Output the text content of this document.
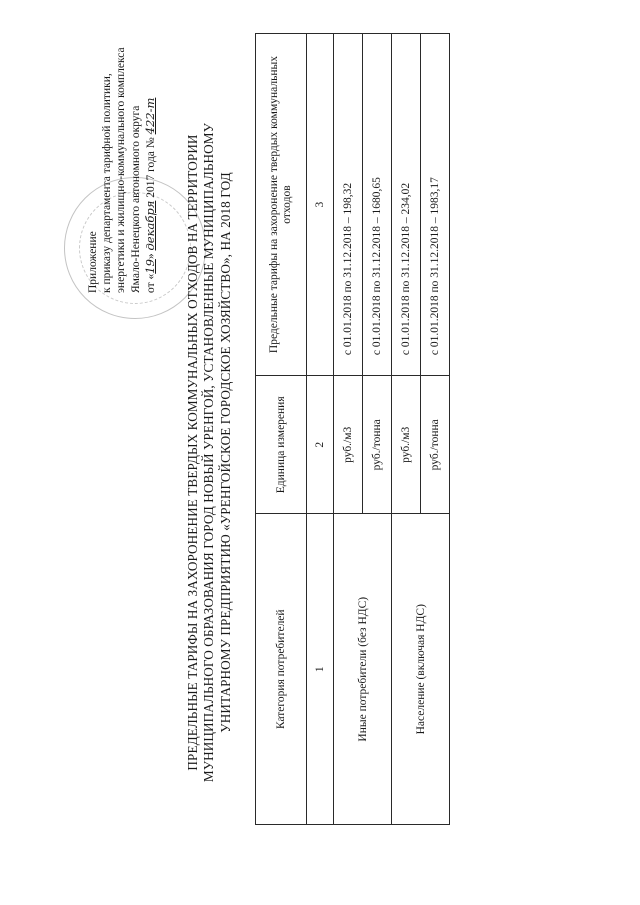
Приложение к приказу департамента тарифной политики, энергетики и жилищно-коммунального комплекса Ямало-Ненецкого автономного округа от «19» декабря 2017 года № 422-т
ПРЕДЕЛЬНЫЕ ТАРИФЫ НА ЗАХОРОНЕНИЕ ТВЕРДЫХ КОММУНАЛЬНЫХ ОТХОДОВ НА ТЕРРИТОРИИ МУНИЦИПАЛЬНОГО ОБРАЗОВАНИЯ ГОРОД НОВЫЙ УРЕНГОЙ, УСТАНОВЛЕННЫЕ МУНИЦИПАЛЬНОМУ УНИТАРНОМУ ПРЕДПРИЯТИЮ «УРЕНГОЙСКОЕ ГОРОДСКОЕ ХОЗЯЙСТВО», НА 2018 ГОД	Категория потребителей	Единица измерения	Предельные тарифы на захоронение твердых коммунальных отходов
1	2	3
Иные потребители (без НДС)	руб./м3	с 01.01.2018 по 31.12.2018 – 198,32
	руб./тонна	с 01.01.2018 по 31.12.2018 – 1680,65
Население (включая НДС)	руб./м3	с 01.01.2018 по 31.12.2018 – 234,02
	руб./тонна	с 01.01.2018 по 31.12.2018 – 1983,17
